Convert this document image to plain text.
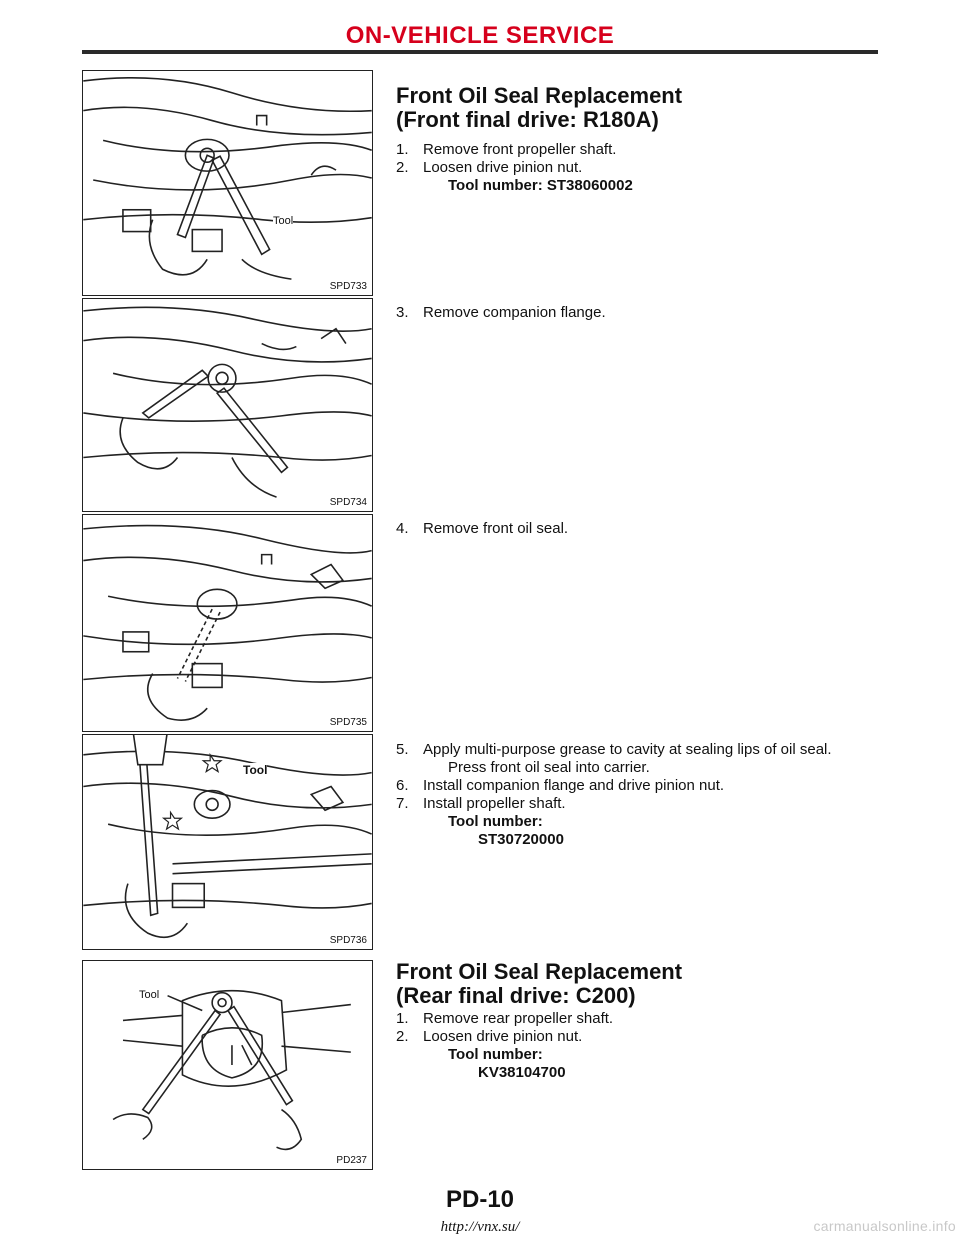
ON-VEHICLE SERVICE
Tool
SPD733
SPD734
SPD735
Tool
SPD736
Tool
PD237
Front Oil Seal Replacement
(Front final drive: R180A)
1. Remove front propeller shaft.
2. Loosen drive pinion nut.
Tool number: ST38060002
3. Remove companion flange.
4. Remove front oil seal.
5. Apply multi-purpose grease to cavity at sealing lips of oil seal.
Press front oil seal into carrier.
6. Install companion flange and drive pinion nut.
7. Install propeller shaft.
Tool number:
ST30720000
Front Oil Seal Replacement
(Rear final drive: C200)
1. Remove rear propeller shaft.
2. Loosen drive pinion nut.
Tool number:
KV38104700
PD-10
http://vnx.su/	carmanualsonline.info
